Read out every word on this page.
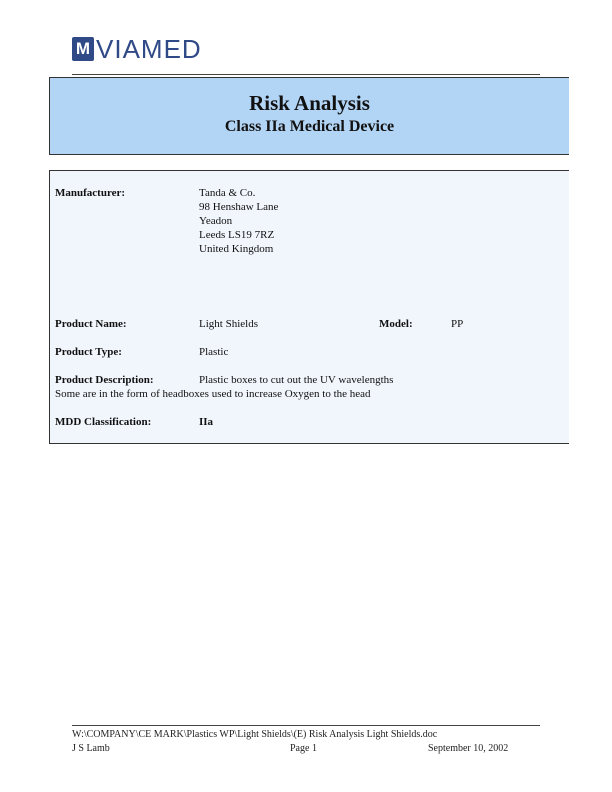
M VIAMED
Risk Analysis
Class IIa Medical Device
Manufacturer:	Tanda & Co.
98 Henshaw Lane
Yeadon
Leeds LS19 7RZ
United Kingdom
Product Name:	Light Shields	Model:	PP
Product Type:	Plastic
Product Description:	Plastic boxes to cut out the UV wavelengths
Some are in the form of headboxes used to increase Oxygen to the head
MDD Classification:	IIa
W:\COMPANY\CE MARK\Plastics WP\Light Shields\(E) Risk Analysis Light Shields.doc
J S Lamb	Page 1	September 10, 2002
